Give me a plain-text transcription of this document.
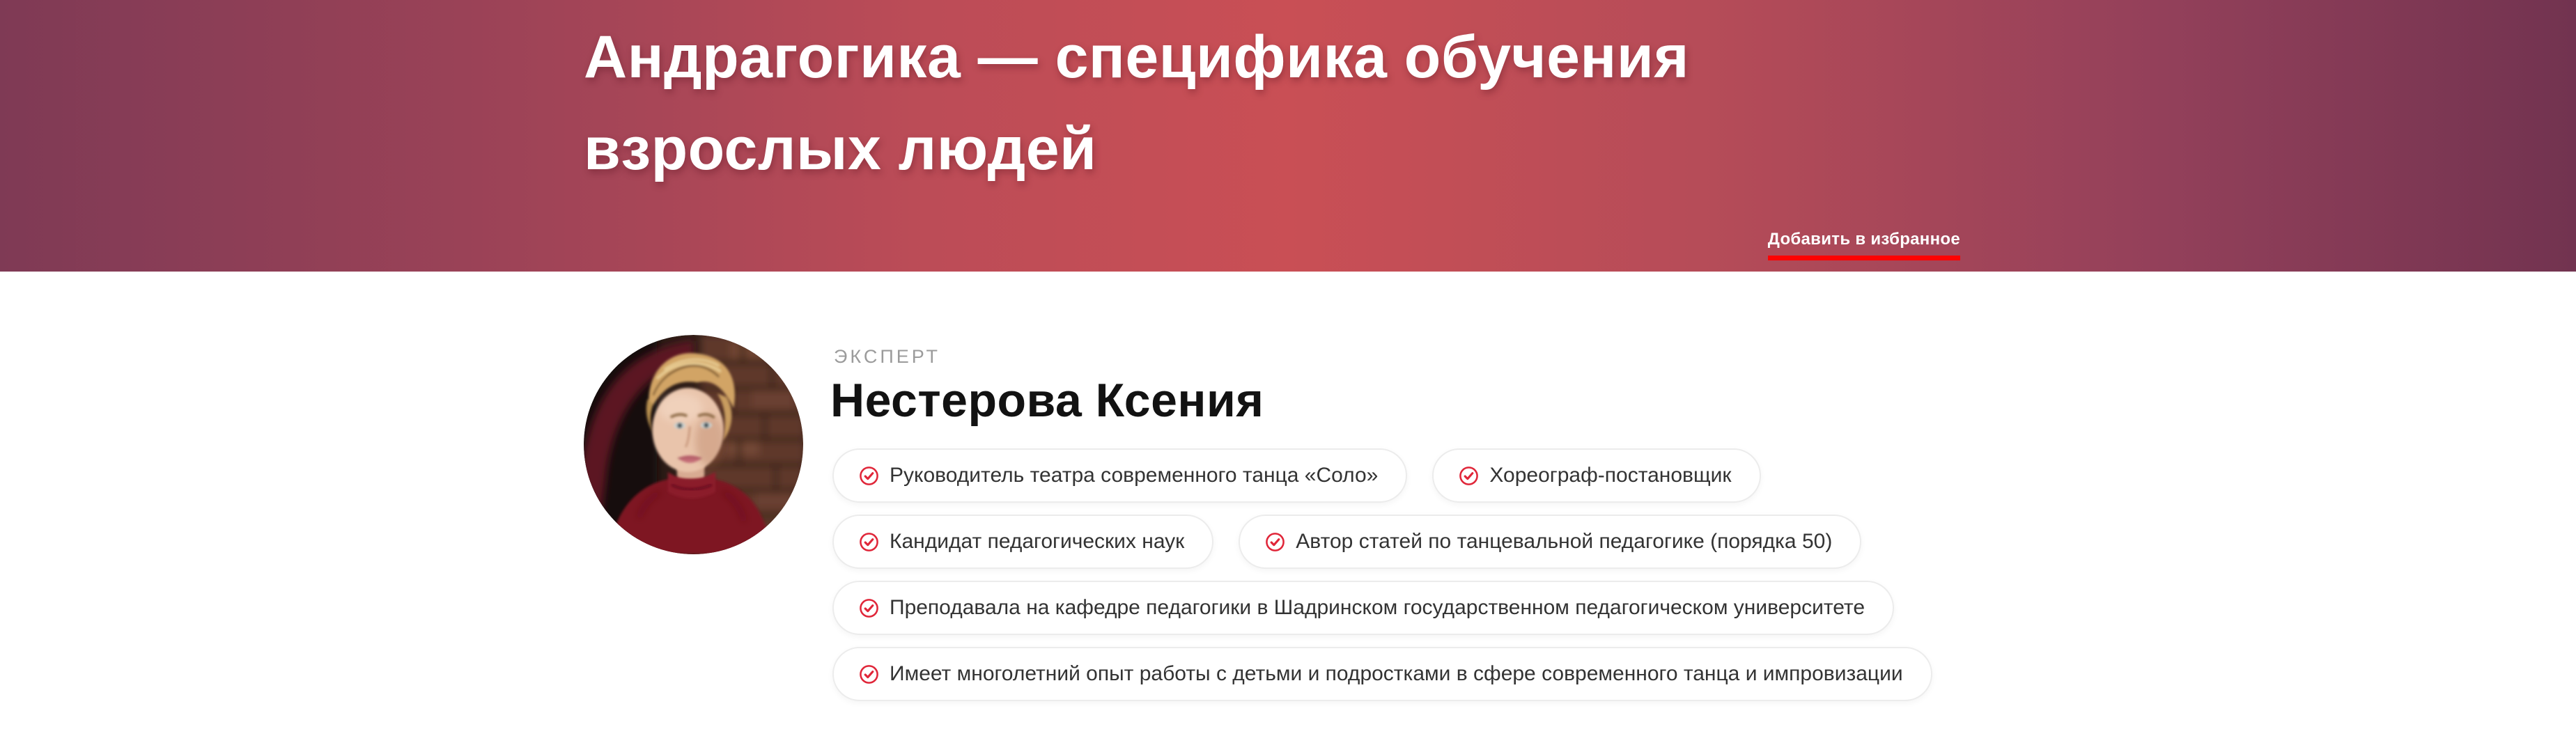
Андрагогика — специфика обучения взрослых людей
Добавить в избранное
ЭКСПЕРТ
Нестерова Ксения
Руководитель театра современного танца «Соло»	Хореограф-постановщик
Кандидат педагогических наук	Автор статей по танцевальной педагогике (порядка 50)
Преподавала на кафедре педагогики в Шадринском государственном педагогическом университете
Имеет многолетний опыт работы с детьми и подростками в сфере современного танца и импровизации
